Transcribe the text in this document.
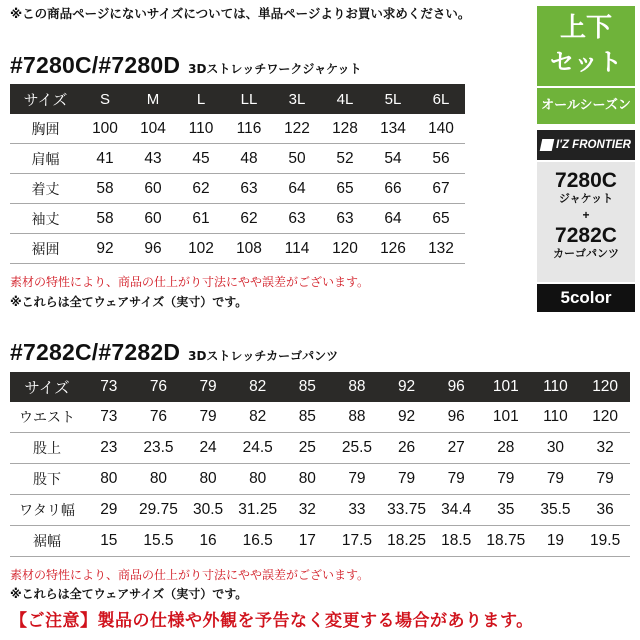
※この商品ページにないサイズについては、単品ページよりお買い求めください。
#7280C/#7280D 3Dストレッチワークジャケット
サイズ	S	M	L	LL	3L	4L	5L	6L
胸囲	100	104	110	116	122	128	134	140
肩幅	41	43	45	48	50	52	54	56
着丈	58	60	62	63	64	65	66	67
袖丈	58	60	61	62	63	63	64	65
裾囲	92	96	102	108	114	120	126	132
素材の特性により、商品の仕上がり寸法にやや誤差がございます。
※これらは全てウェアサイズ（実寸）です。
#7282C/#7282D 3Dストレッチカーゴパンツ
サイズ	73	76	79	82	85	88	92	96	101	110	120
ウエスト	73	76	79	82	85	88	92	96	101	110	120
股上	23	23.5	24	24.5	25	25.5	26	27	28	30	32
股下	80	80	80	80	80	79	79	79	79	79	79
ワタリ幅	29	29.75	30.5	31.25	32	33	33.75	34.4	35	35.5	36
裾幅	15	15.5	16	16.5	17	17.5	18.25	18.5	18.75	19	19.5
素材の特性により、商品の仕上がり寸法にやや誤差がございます。
※これらは全てウェアサイズ（実寸）です。
【ご注意】製品の仕様や外観を予告なく変更する場合があります。
上下
セット
オールシーズン
I'Z FRONTIER
7280C
ジャケット
+
7282C
カーゴパンツ
5color
